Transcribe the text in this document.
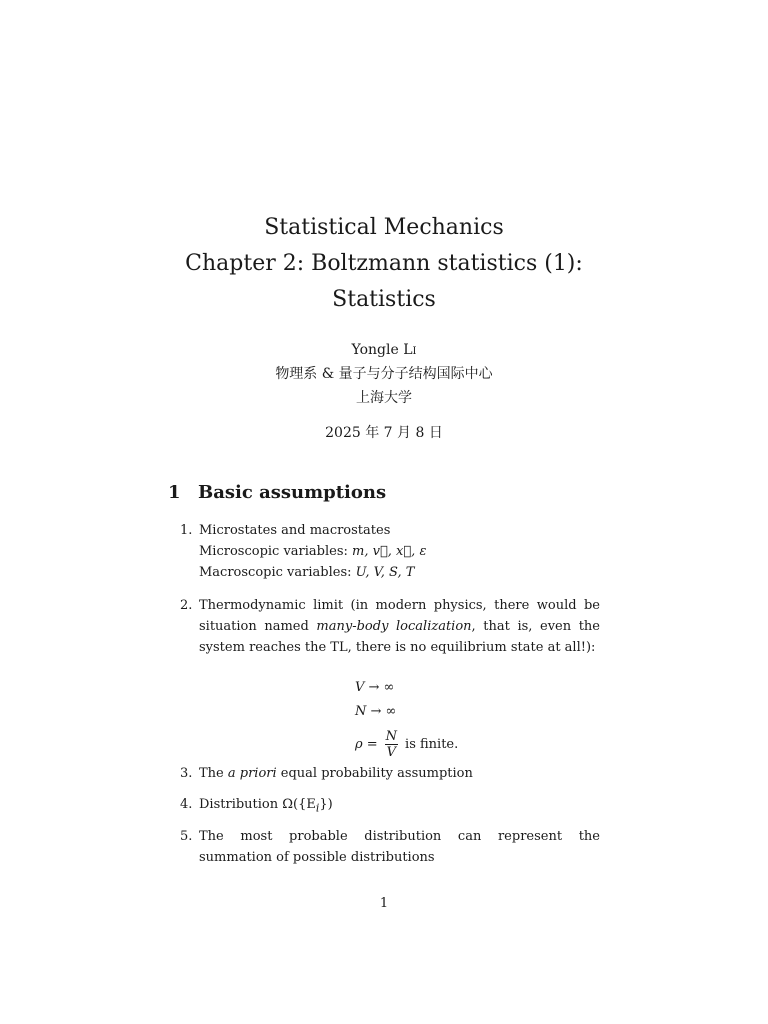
Statistical Mechanics
Chapter 2: Boltzmann statistics (1):
Statistics
Yongle Li
物理系 & 量子与分子结构国际中心
上海大学
2025 年 7 月 8 日
1 Basic assumptions
1. Microstates and macrostates
Microscopic variables: m, v⃗, x⃗, ε
Macroscopic variables: U, V, S, T
2. Thermodynamic limit (in modern physics, there would be situation named many-body localization, that is, even the system reaches the TL, there is no equilibrium state at all!):
V → ∞
N → ∞
$\rho = \frac{N}{V}$ is finite.
3. The a priori equal probability assumption
4. Distribution $\Omega(\{E_i\})$
5. The most probable distribution can represent the summation of possible distributions
1
